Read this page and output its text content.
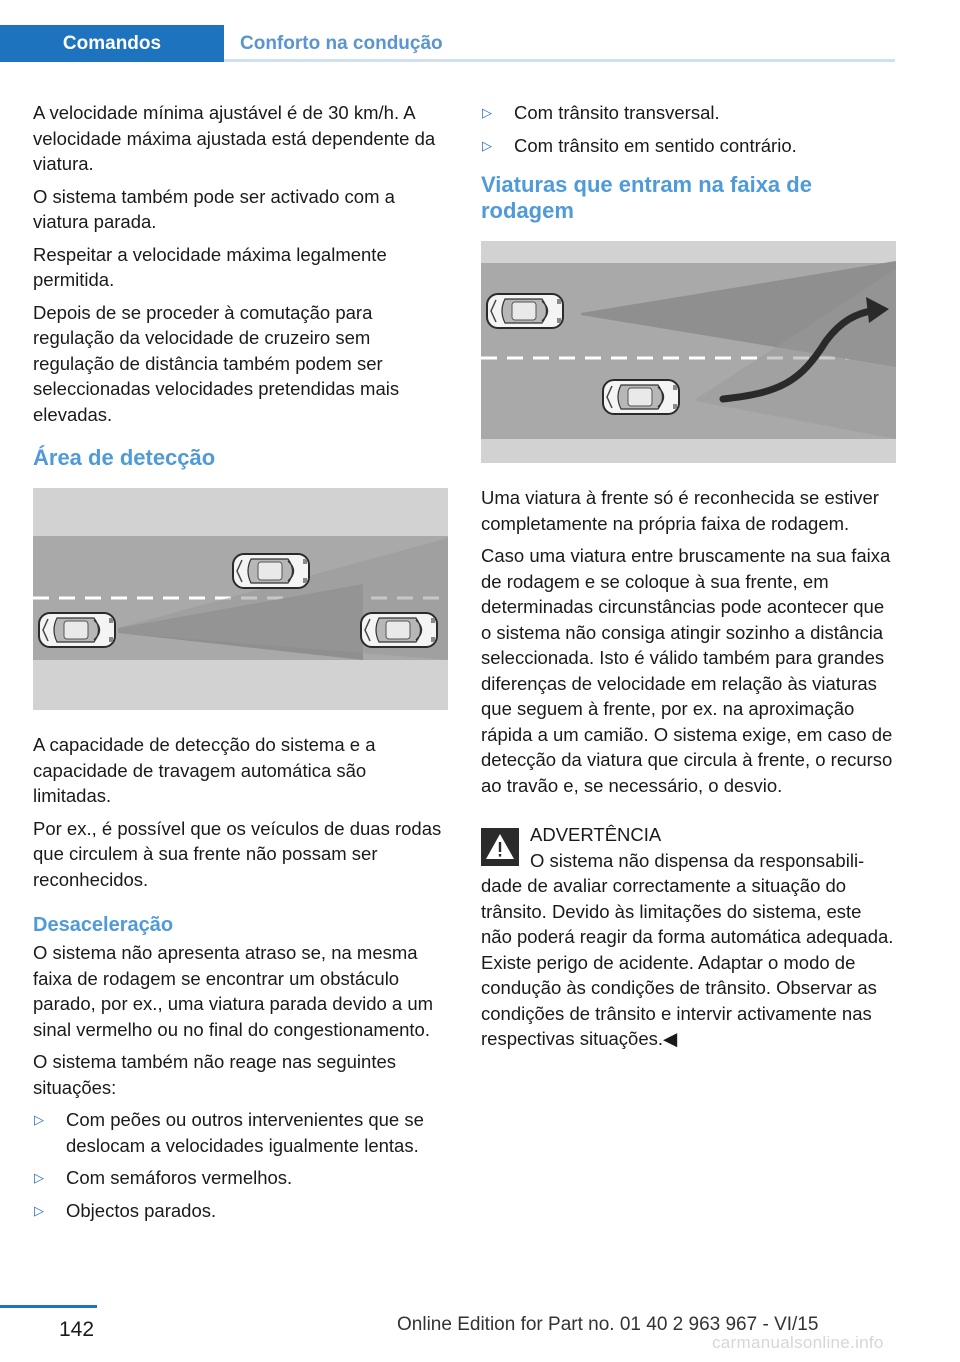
Comandos	Conforto na condução

A velocidade mínima ajustável é de 30 km/h. A velocidade máxima ajustada está dependente da viatura.

O sistema também pode ser activado com a viatura parada.

Respeitar a velocidade máxima legalmente permitida.

Depois de se proceder à comutação para regulação da velocidade de cruzeiro sem regulação de distância também podem ser seleccionadas velocidades pretendidas mais elevadas.

Área de detecção

A capacidade de detecção do sistema e a capacidade de travagem automática são limitadas.

Por ex., é possível que os veículos de duas rodas que circulem à sua frente não possam ser reconhecidos.

Desaceleração

O sistema não apresenta atraso se, na mesma faixa de rodagem se encontrar um obstáculo parado, por ex., uma viatura parada devido a um sinal vermelho ou no final do congestionamento.

O sistema também não reage nas seguintes situações:

▷ Com peões ou outros intervenientes que se deslocam a velocidades igualmente lentas.
▷ Com semáforos vermelhos.
▷ Objectos parados.
▷ Com trânsito transversal.
▷ Com trânsito em sentido contrário.
Viaturas que entram na faixa de rodagem

Uma viatura à frente só é reconhecida se estiver completamente na própria faixa de rodagem.

Caso uma viatura entre bruscamente na sua faixa de rodagem e se coloque à sua frente, em determinadas circunstâncias pode acontecer que o sistema não consiga atingir sozinho a distância seleccionada. Isto é válido também para grandes diferenças de velocidade em relação às viaturas que seguem à frente, por ex. na aproximação rápida a um camião. O sistema exige, em caso de detecção da viatura que circula à frente, o recurso ao travão e, se necessário, o desvio.

ADVERTÊNCIA

O sistema não dispensa da responsabili-

dade de avaliar correctamente a situação do trânsito. Devido às limitações do sistema, este não poderá reagir da forma automática adequada. Existe perigo de acidente. Adaptar o modo de condução às condições de trânsito. Observar as condições de trânsito e intervir activamente nas respectivas situações.◀

142	Online Edition for Part no. 01 40 2 963 967 - VI/15
carmanualsonline.info
